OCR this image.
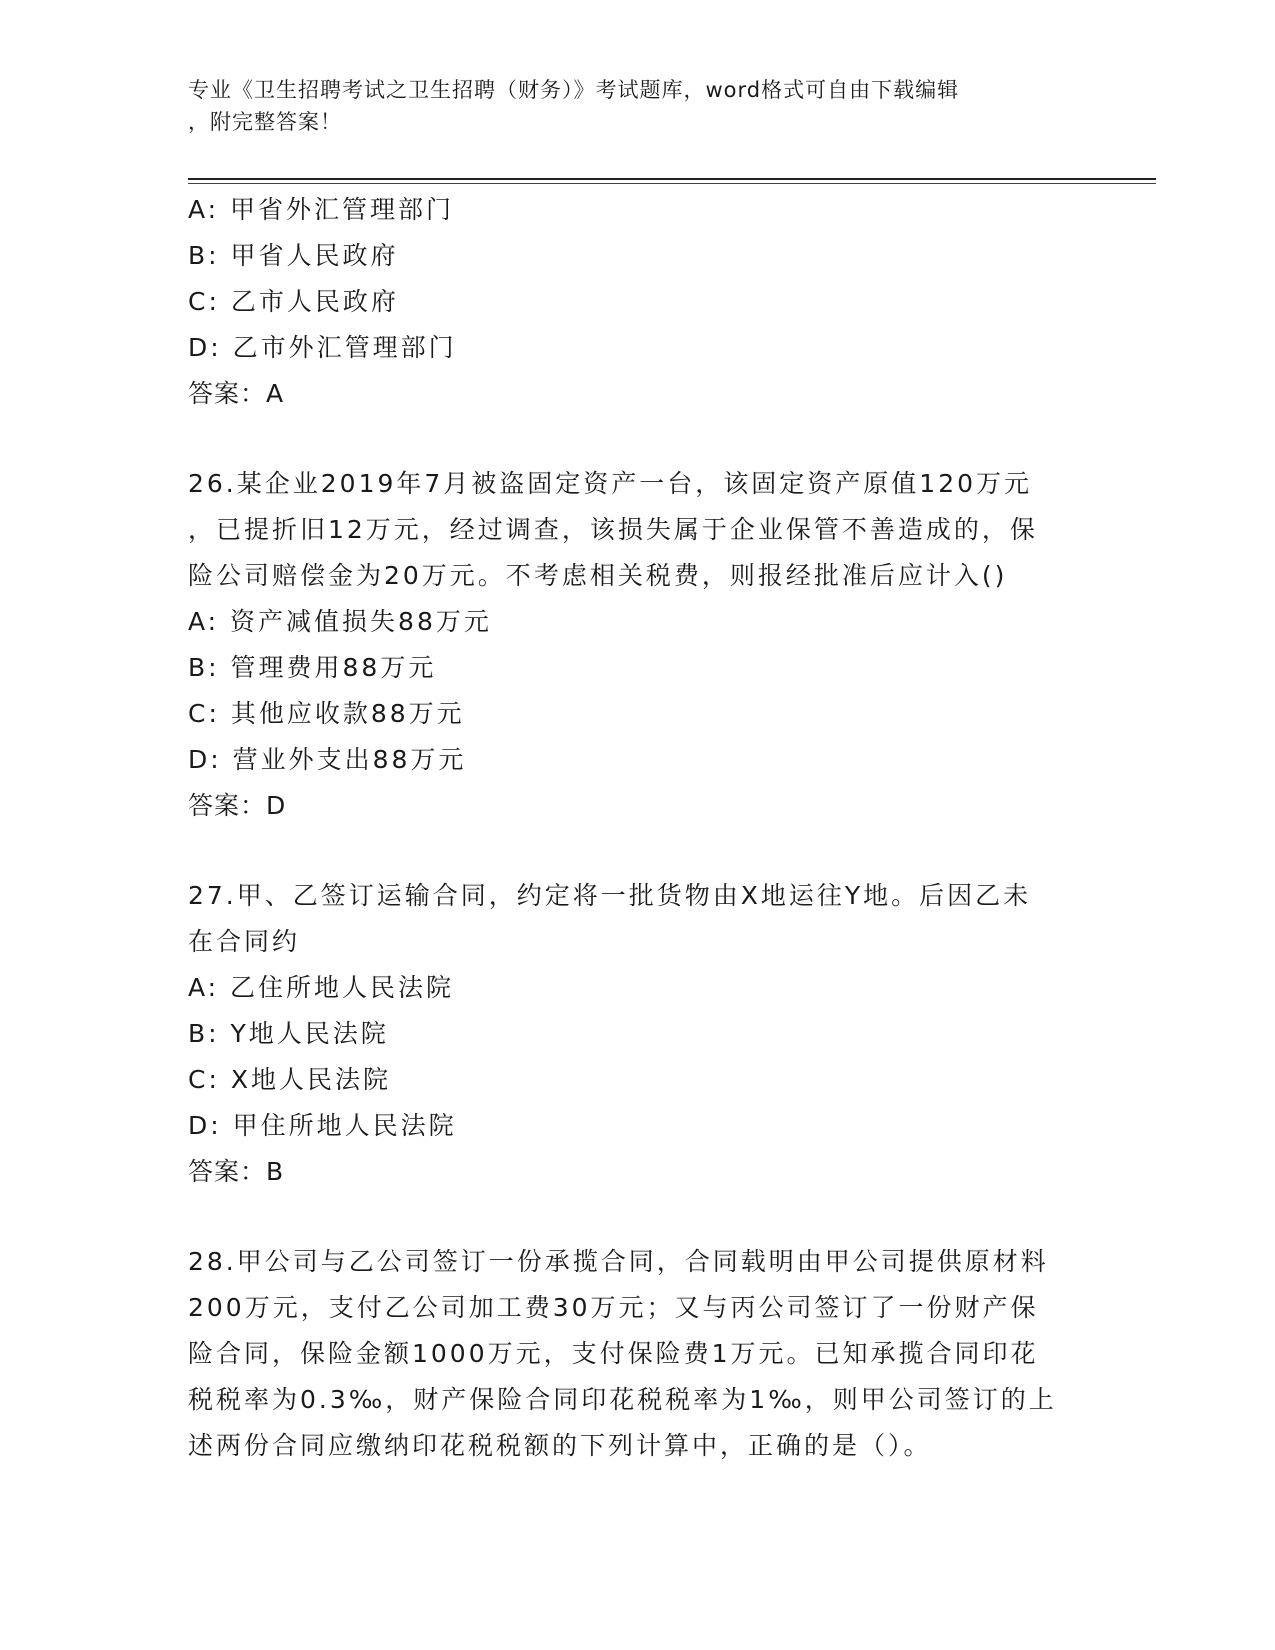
专业《卫生招聘考试之卫生招聘（财务）》考试题库，word格式可自由下载编辑
，附完整答案！
A: 甲省外汇管理部门
B: 甲省人民政府
C: 乙市人民政府
D: 乙市外汇管理部门
答案：A
26.某企业2019年7月被盗固定资产一台，该固定资产原值120万元
，已提折旧12万元，经过调查，该损失属于企业保管不善造成的，保
险公司赔偿金为20万元。不考虑相关税费，则报经批准后应计入()
A: 资产减值损失88万元
B: 管理费用88万元
C: 其他应收款88万元
D: 营业外支出88万元
答案：D
27.甲、乙签订运输合同，约定将一批货物由X地运往Y地。后因乙未
在合同约
A: 乙住所地人民法院
B: Y地人民法院
C: X地人民法院
D: 甲住所地人民法院
答案：B
28.甲公司与乙公司签订一份承揽合同，合同载明由甲公司提供原材料
200万元，支付乙公司加工费30万元；又与丙公司签订了一份财产保
险合同，保险金额1000万元，支付保险费1万元。已知承揽合同印花
税税率为0.3‰，财产保险合同印花税税率为1‰，则甲公司签订的上
述两份合同应缴纳印花税税额的下列计算中，正确的是（）。
